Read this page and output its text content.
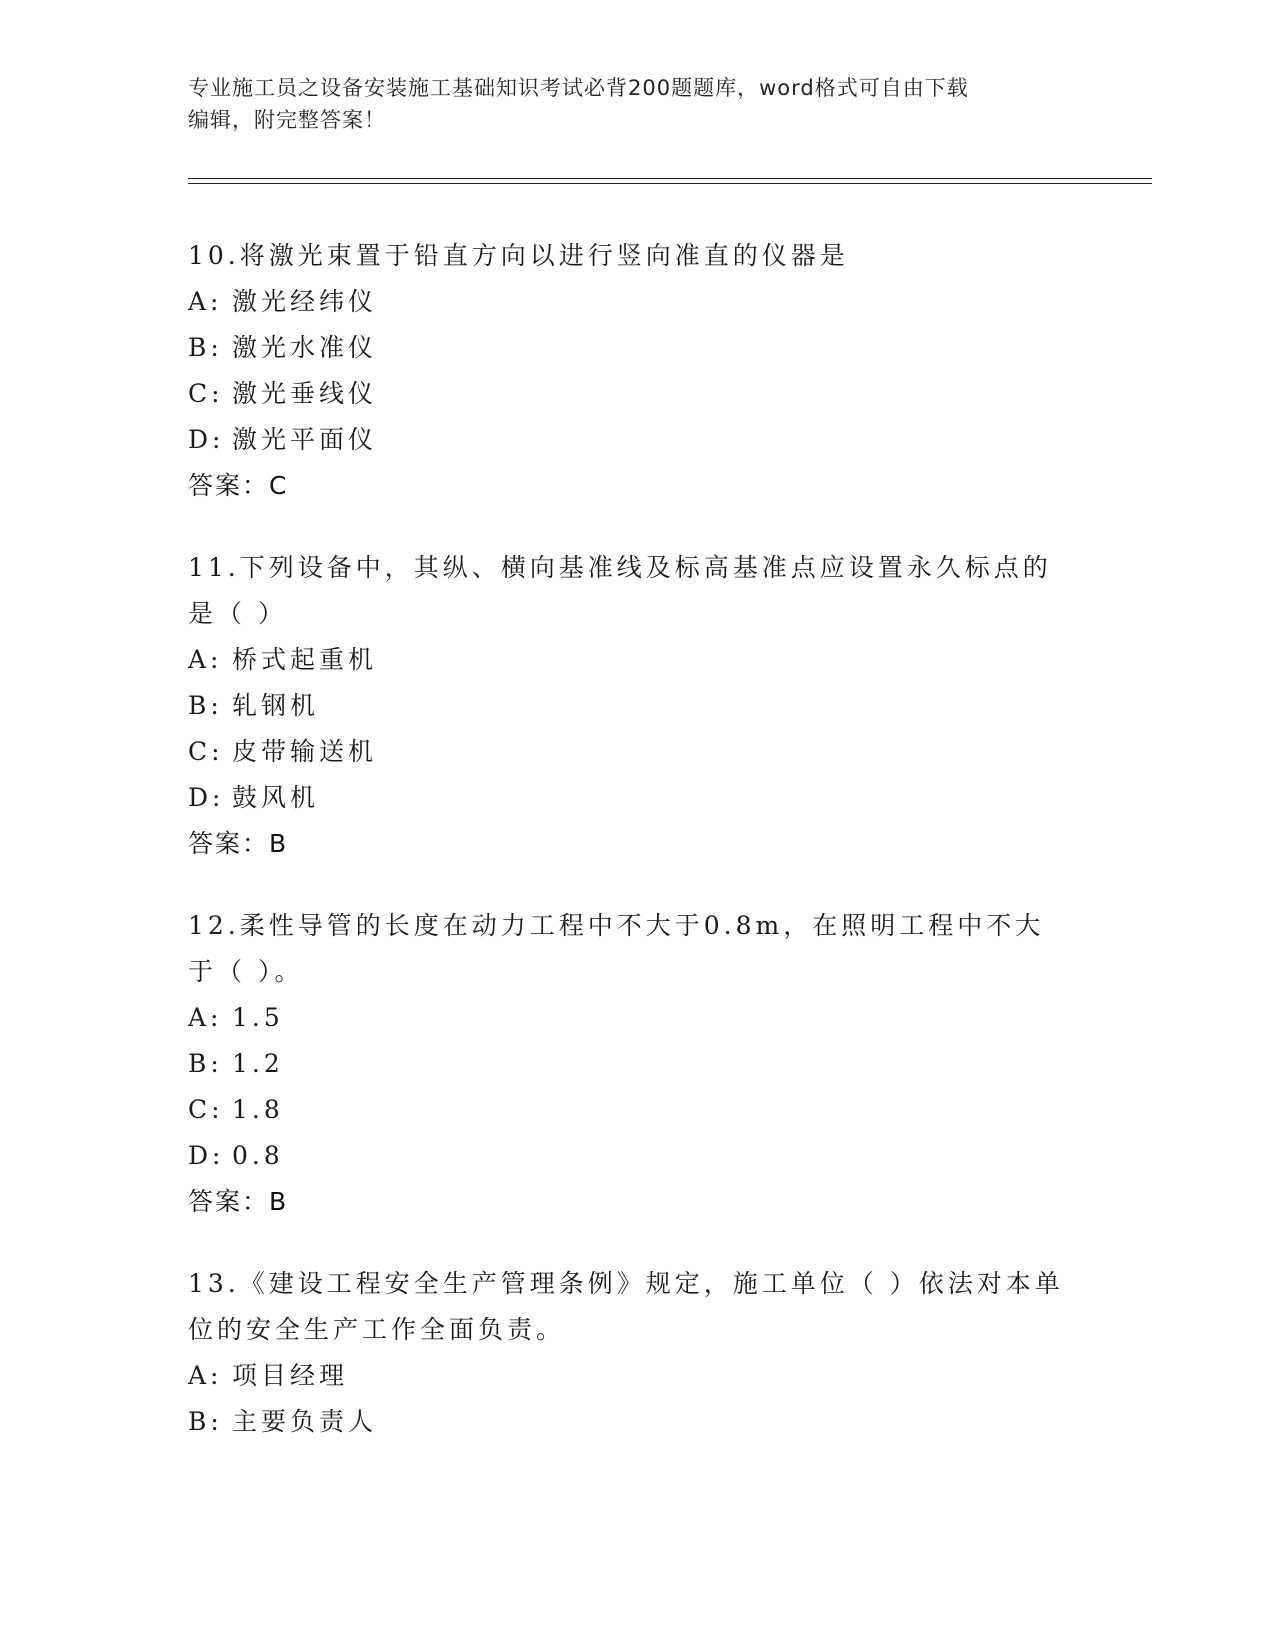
专业施工员之设备安装施工基础知识考试必背200题题库，word格式可自由下载
编辑，附完整答案！

10.将激光束置于铅直方向以进行竖向准直的仪器是

A: 激光经纬仪
B: 激光水准仪
C: 激光垂线仪
D: 激光平面仪
答案：C

11.下列设备中，其纵、横向基准线及标高基准点应设置永久标点的是（ ）

A: 桥式起重机
B: 轧钢机
C: 皮带输送机
D: 鼓风机
答案：B

12.柔性导管的长度在动力工程中不大于0.8m，在照明工程中不大于（ ）。

A: 1.5
B: 1.2
C: 1.8
D: 0.8
答案：B

13.《建设工程安全生产管理条例》规定，施工单位（ ）依法对本单位的安全生产工作全面负责。

A: 项目经理
B: 主要负责人
